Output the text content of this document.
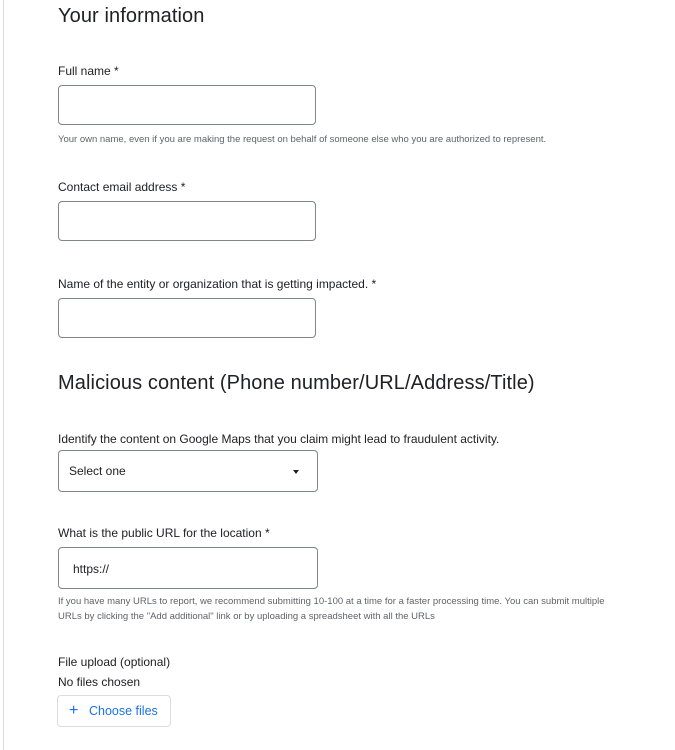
Your information
Full name *
Your own name, even if you are making the request on behalf of someone else who you are authorized to represent.
Contact email address *
Name of the entity or organization that is getting impacted. *
Malicious content (Phone number/URL/Address/Title)
Identify the content on Google Maps that you claim might lead to fraudulent activity.
Select one
What is the public URL for the location *
https://
If you have many URLs to report, we recommend submitting 10-100 at a time for a faster processing time. You can submit multiple URLs by clicking the "Add additional" link or by uploading a spreadsheet with all the URLs
File upload (optional)
No files chosen
+ Choose files
